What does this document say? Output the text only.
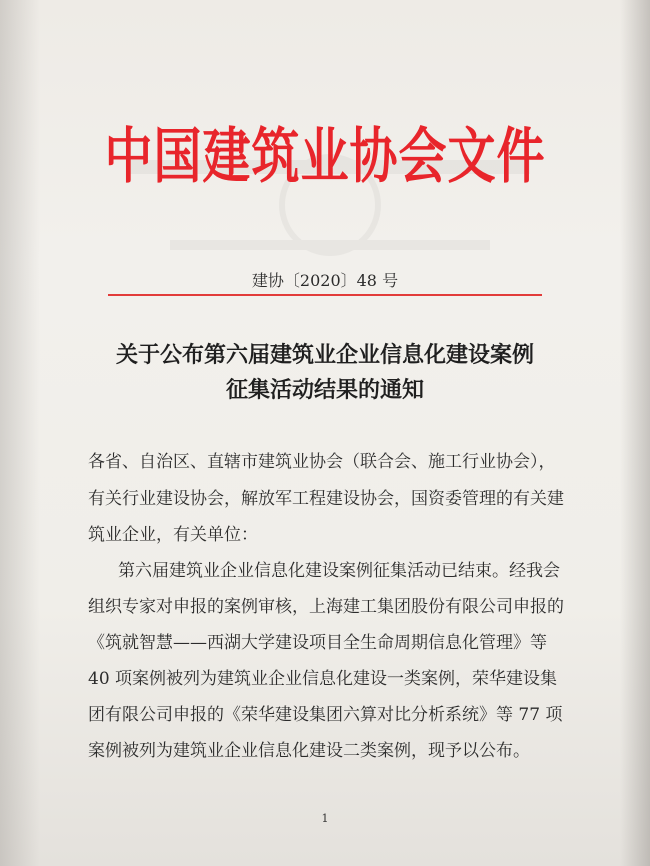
中国建筑业协会文件
建协〔2020〕48 号
关于公布第六届建筑业企业信息化建设案例
征集活动结果的通知
各省、自治区、直辖市建筑业协会（联合会、施工行业协会），
有关行业建设协会，解放军工程建设协会，国资委管理的有关建
筑业企业，有关单位：
第六届建筑业企业信息化建设案例征集活动已结束。经我会
组织专家对申报的案例审核，上海建工集团股份有限公司申报的
《筑就智慧——西湖大学建设项目全生命周期信息化管理》等
40 项案例被列为建筑业企业信息化建设一类案例，荣华建设集
团有限公司申报的《荣华建设集团六算对比分析系统》等 77 项
案例被列为建筑业企业信息化建设二类案例，现予以公布。
1
